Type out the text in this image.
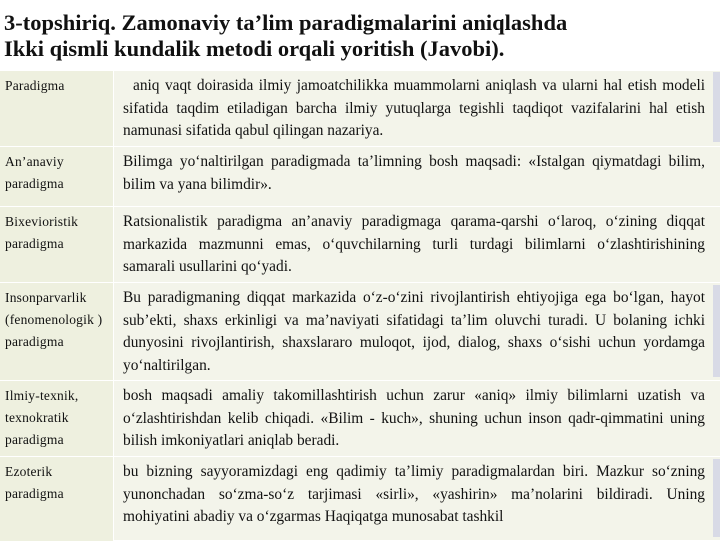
3-topshiriq. Zamonaviy ta’lim paradigmalarini aniqlashda
Ikki qismli kundalik metodi orqali yoritish (Javobi).
Paradigma	aniq vaqt doirasida ilmiy jamoatchilikka muammolarni aniqlash va ularni hal etish modeli sifatida taqdim etiladigan barcha ilmiy yutuqlarga tegishli taqdiqot vazifalarini hal etish namunasi sifatida qabul qilingan nazariya.
An’anaviy paradigma
Bilimga yo‘naltirilgan paradigmada ta’limning bosh maqsadi: «Istalgan qiymatdagi bilim, bilim va yana bilimdir».
Bixevioristik paradigma
Ratsionalistik paradigma an’anaviy paradigmaga qarama-qarshi o‘laroq, o‘zining diqqat markazida mazmunni emas, o‘quvchilarning turli turdagi bilimlarni o‘zlashtirishining samarali usullarini qo‘yadi.
Insonparvarlik (fenomenologik ) paradigma
Bu paradigmaning diqqat markazida o‘z-o‘zini rivojlantirish ehtiyojiga ega bo‘lgan, hayot sub’ekti, shaxs erkinligi va ma’naviyati sifatidagi ta’lim oluvchi turadi. U bolaning ichki dunyosini rivojlantirish, shaxslararo muloqot, ijod, dialog, shaxs o‘sishi uchun yordamga yo‘naltirilgan.
Ilmiy-texnik, texnokratik paradigma
bosh maqsadi amaliy takomillashtirish uchun zarur «aniq» ilmiy bilimlarni uzatish va o‘zlashtirishdan kelib chiqadi. «Bilim - kuch», shuning uchun inson qadr-qimmatini uning bilish imkoniyatlari aniqlab beradi.
Ezoterik paradigma
bu bizning sayyoramizdagi eng qadimiy ta’limiy paradigmalardan biri. Mazkur so‘zning yunonchadan so‘zma-so‘z tarjimasi «sirli», «yashirin» ma’nolarini bildiradi. Uning mohiyatini abadiy va o‘zgarmas Haqiqatga munosabat tashkil
